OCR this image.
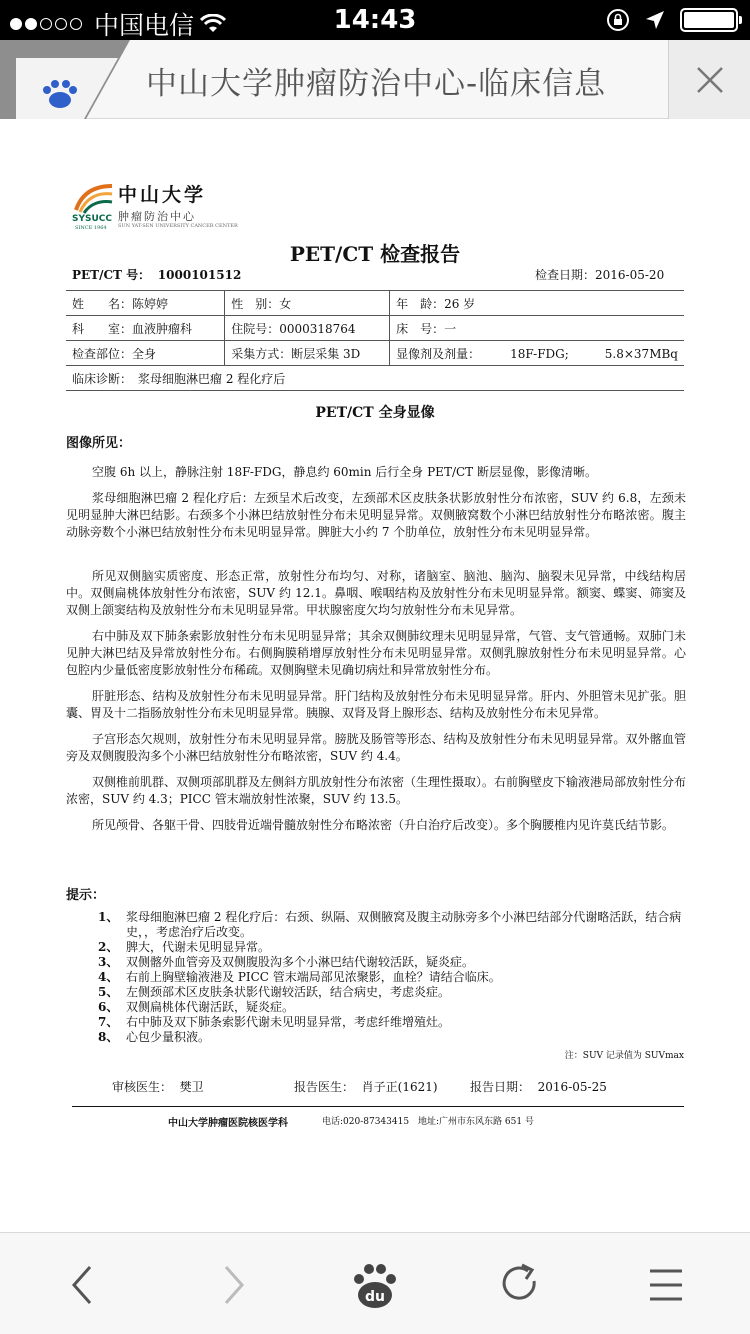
中国电信	14:43
中山大学肿瘤防治中心-临床信息
SYSUCC
SINCE 1964
中山大学
肿瘤防治中心
SUN YAT-SEN UNIVERSITY CANCER CENTER
PET/CT 检查报告
PET/CT 号： 1000101512	检查日期：2016-05-20
姓　　名：陈婷婷	性　别：女	年　龄：26 岁
科　　室：血液肿瘤科	住院号：0000318764	床　号：一
检查部位：全身	采集方式：断层采集 3D	显像剂及剂量：　　　18F-FDG;　　　5.8×37MBq
临床诊断：　浆母细胞淋巴瘤 2 程化疗后		
PET/CT 全身显像
图像所见：
空腹 6h 以上，静脉注射 18F-FDG，静息约 60min 后行全身 PET/CT 断层显像，影像清晰。
浆母细胞淋巴瘤 2 程化疗后：左颈呈术后改变，左颈部术区皮肤条状影放射性分布浓密，SUV 约 6.8，左颈未见明显肿大淋巴结影。右颈多个小淋巴结放射性分布未见明显异常。双侧腋窝数个小淋巴结放射性分布略浓密。腹主动脉旁数个小淋巴结放射性分布未见明显异常。脾脏大小约 7 个肋单位，放射性分布未见明显异常。
所见双侧脑实质密度、形态正常，放射性分布均匀、对称，诸脑室、脑池、脑沟、脑裂未见异常，中线结构居中。双侧扁桃体放射性分布浓密，SUV 约 12.1。鼻咽、喉咽结构及放射性分布未见明显异常。额窦、蝶窦、筛窦及双侧上颌窦结构及放射性分布未见明显异常。甲状腺密度欠均匀放射性分布未见异常。
右中肺及双下肺条索影放射性分布未见明显异常；其余双侧肺纹理未见明显异常，气管、支气管通畅。双肺门未见肿大淋巴结及异常放射性分布。右侧胸膜稍增厚放射性分布未见明显异常。双侧乳腺放射性分布未见明显异常。心包腔内少量低密度影放射性分布稀疏。双侧胸壁未见确切病灶和异常放射性分布。
肝脏形态、结构及放射性分布未见明显异常。肝门结构及放射性分布未见明显异常。肝内、外胆管未见扩张。胆囊、胃及十二指肠放射性分布未见明显异常。胰腺、双肾及肾上腺形态、结构及放射性分布未见异常。
子宫形态欠规则，放射性分布未见明显异常。膀胱及肠管等形态、结构及放射性分布未见明显异常。双外髂血管旁及双侧腹股沟多个小淋巴结放射性分布略浓密，SUV 约 4.4。
双侧椎前肌群、双侧项部肌群及左侧斜方肌放射性分布浓密（生理性摄取）。右前胸壁皮下输液港局部放射性分布浓密，SUV 约 4.3；PICC 管末端放射性浓聚，SUV 约 13.5。
所见颅骨、各躯干骨、四肢骨近端骨髓放射性分布略浓密（升白治疗后改变）。多个胸腰椎内见许莫氏结节影。
提示：
1、 浆母细胞淋巴瘤 2 程化疗后：右颈、纵隔、双侧腋窝及腹主动脉旁多个小淋巴结部分代谢略活跃，结合病史，，考虑治疗后改变。
2、 脾大，代谢未见明显异常。
3、 双侧髂外血管旁及双侧腹股沟多个小淋巴结代谢较活跃，疑炎症。
4、 右前上胸壁输液港及 PICC 管末端局部见浓聚影，血栓？请结合临床。
5、 左侧颈部术区皮肤条状影代谢较活跃，结合病史，考虑炎症。
6、 双侧扁桃体代谢活跃，疑炎症。
7、 右中肺及双下肺条索影代谢未见明显异常，考虑纤维增殖灶。
8、 心包少量积液。
注：SUV 记录值为 SUVmax
审核医生： 樊卫	报告医生： 肖子正(1621)	报告日期： 2016-05-25
中山大学肿瘤医院核医学科	电话:020-87343415 地址:广州市东风东路 651 号
du
